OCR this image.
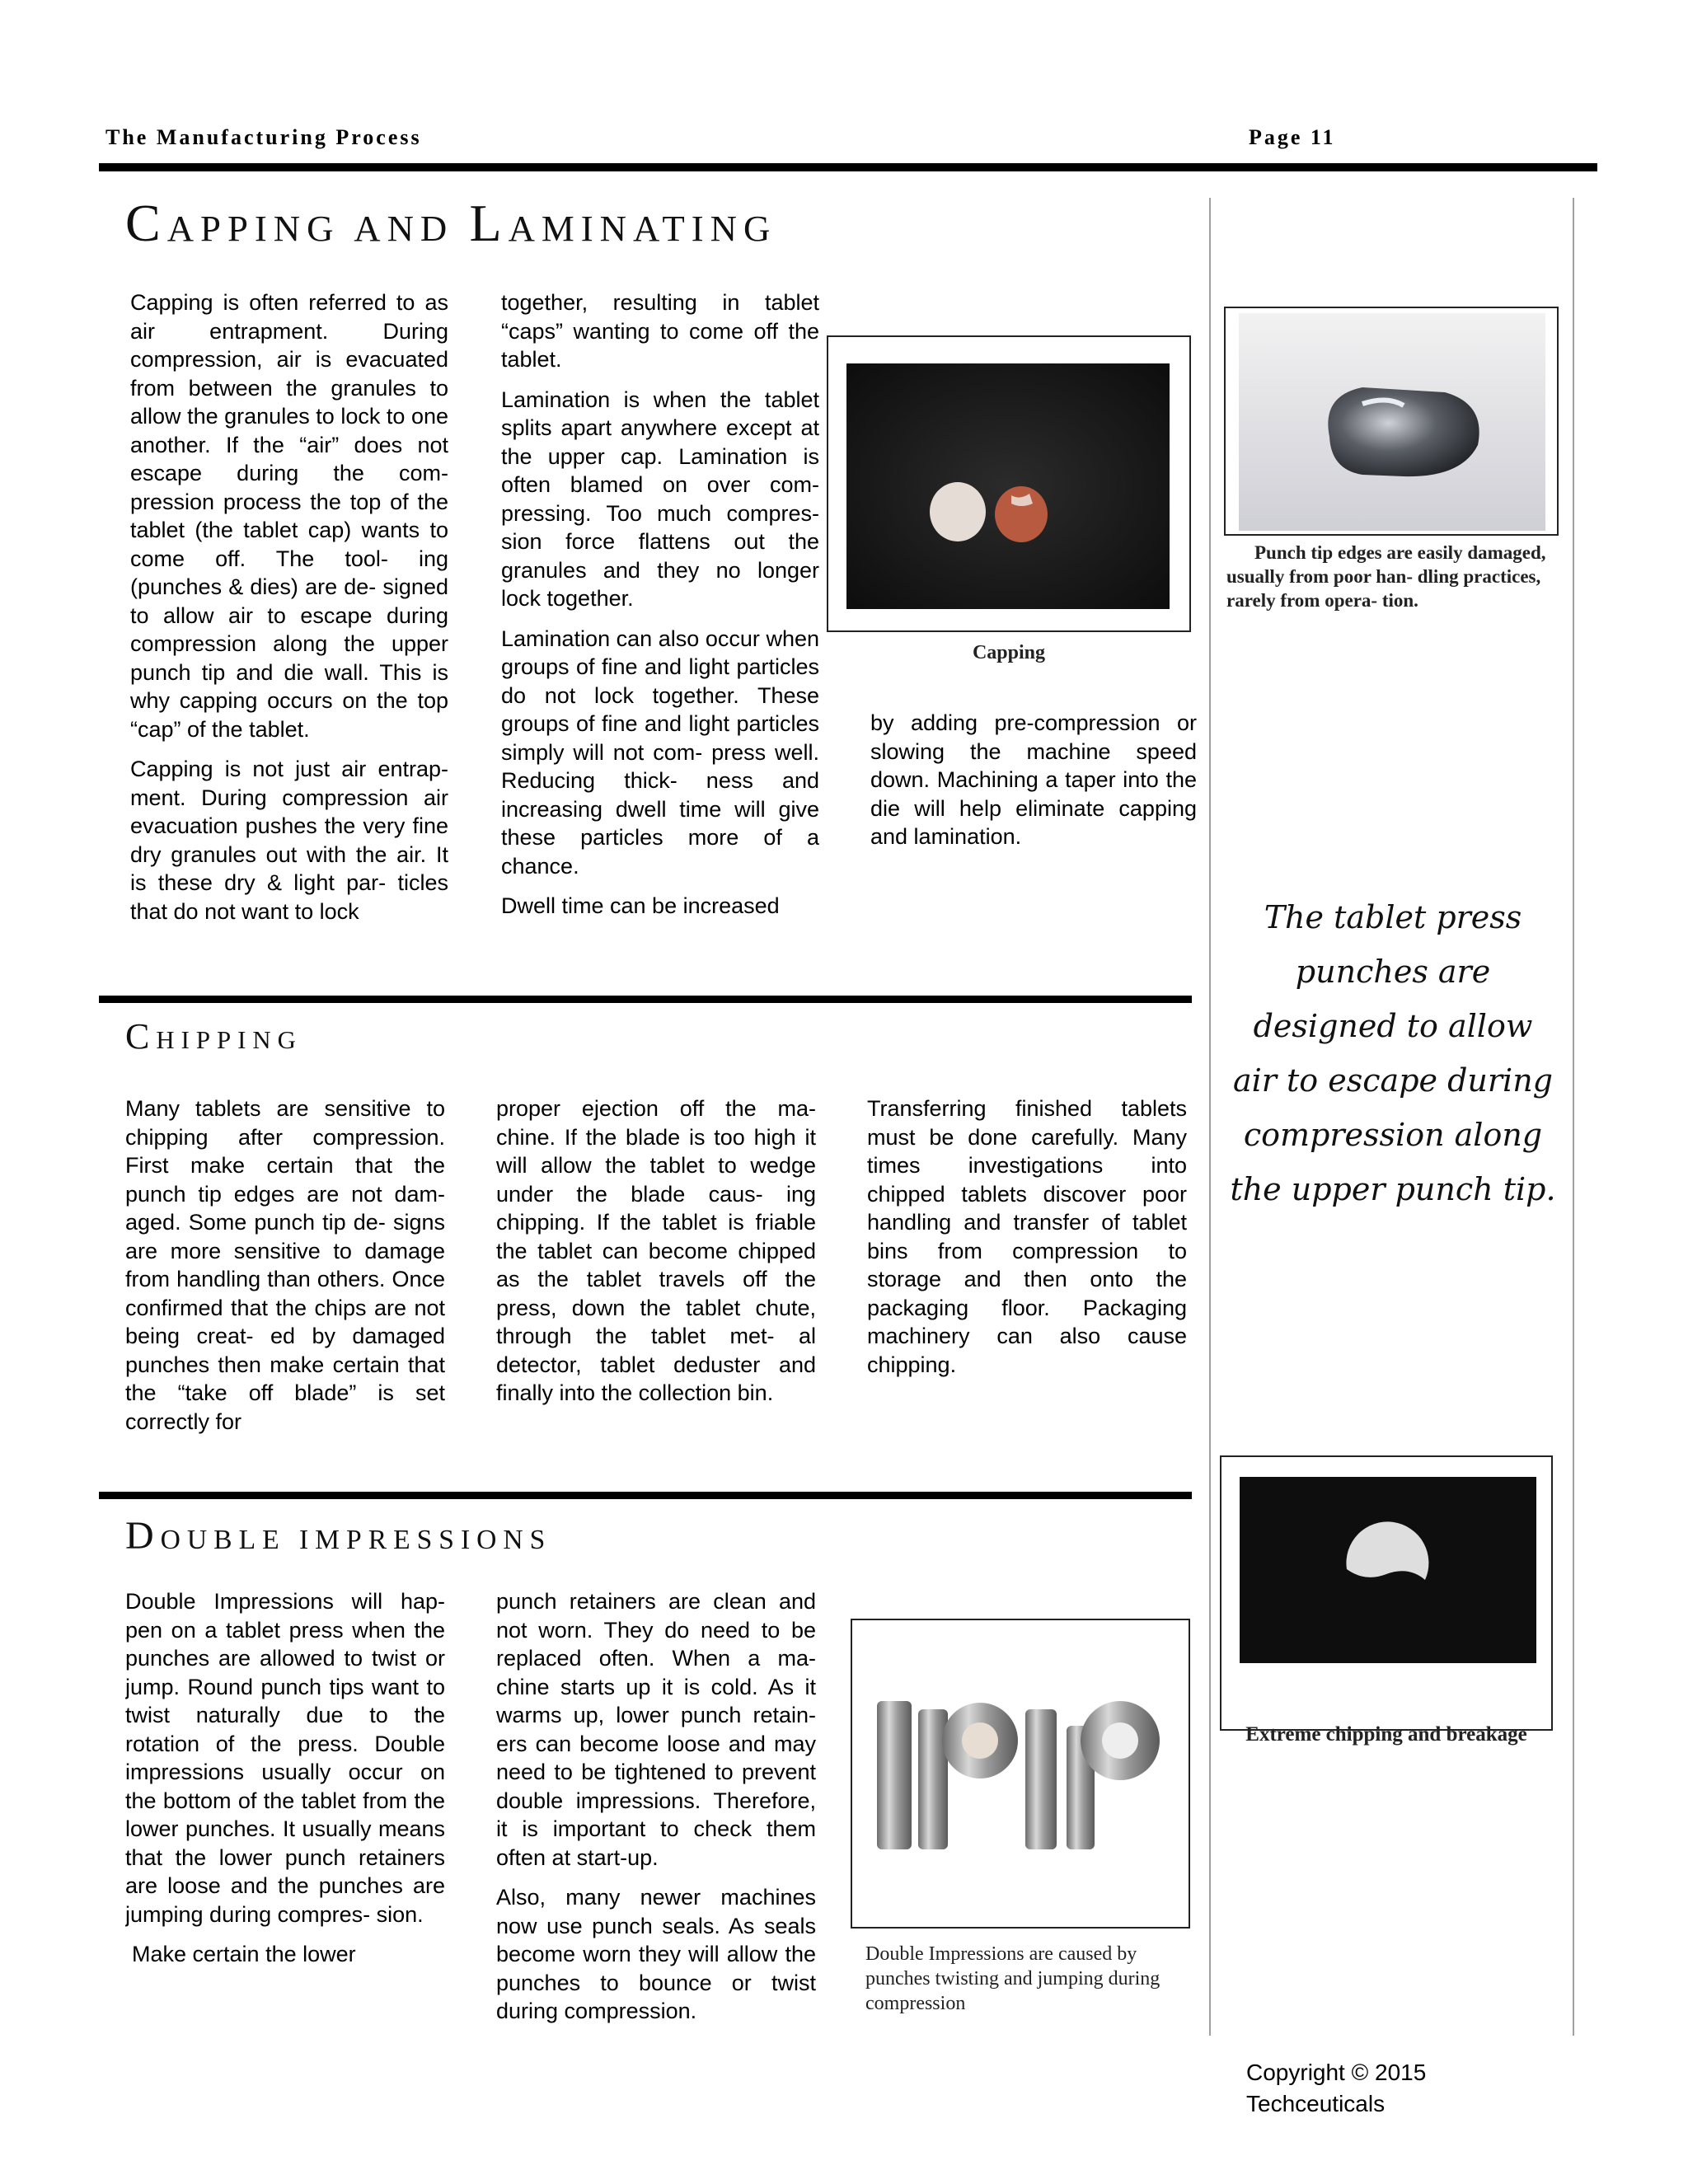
The Manufacturing Process	Page 11
CAPPING AND LAMINATING

Capping is often referred to as air entrapment. During compression, air is evacuated from between the granules to allow the granules to lock to one another. If the “air” does not escape during the com- pression process the top of the tablet (the tablet cap) wants to come off. The tool- ing (punches & dies) are de- signed to allow air to escape during compression along the upper punch tip and die wall. This is why capping occurs on the top “cap” of the tablet.

Capping is not just air entrap- ment. During compression air evacuation pushes the very fine dry granules out with the air. It is these dry & light par- ticles that do not want to lock

together, resulting in tablet “caps” wanting to come off the tablet.

Lamination is when the tablet splits apart anywhere except at the upper cap. Lamination is often blamed on over com- pressing. Too much compres- sion force flattens out the granules and they no longer lock together.

Lamination can also occur when groups of fine and light particles do not lock together. These groups of fine and light particles simply will not com- press well. Reducing thick- ness and increasing dwell time will give these particles more of a chance.

Dwell time can be increased

Capping

by adding pre-compression or slowing the machine speed down. Machining a taper into the die will help eliminate capping and lamination.

CHIPPING

Many tablets are sensitive to chipping after compression. First make certain that the punch tip edges are not dam- aged. Some punch tip de- signs are more sensitive to damage from handling than others. Once confirmed that the chips are not being creat- ed by damaged punches then make certain that the “take off blade” is set correctly for

proper ejection off the ma- chine. If the blade is too high it will allow the tablet to wedge under the blade caus- ing chipping. If the tablet is friable the tablet can become chipped as the tablet travels off the press, down the tablet chute, through the tablet met- al detector, tablet deduster and finally into the collection bin.

Transferring finished tablets must be done carefully. Many times investigations into chipped tablets discover poor handling and transfer of tablet bins from compression to storage and then onto the packaging floor. Packaging machinery can also cause chipping.

DOUBLE IMPRESSIONS

Double Impressions will hap- pen on a tablet press when the punches are allowed to twist or jump. Round punch tips want to twist naturally due to the rotation of the press. Double impressions usually occur on the bottom of the tablet from the lower punches. It usually means that the lower punch retainers are loose and the punches are jumping during compres- sion.

Make certain the lower

punch retainers are clean and not worn. They do need to be replaced often. When a ma- chine starts up it is cold. As it warms up, lower punch retain- ers can become loose and may need to be tightened to prevent double impressions. Therefore, it is important to check them often at start-up.

Also, many newer machines now use punch seals. As seals become worn they will allow the punches to bounce or twist during compression.

Double Impressions are caused by punches twisting and jumping during compression
Punch tip edges are easily damaged, usually from poor han- dling practices, rarely from opera- tion.
The tablet press punches are designed to allow air to escape during compression along the upper punch tip.
Extreme chipping and breakage
Copyright © 2015
Techceuticals
